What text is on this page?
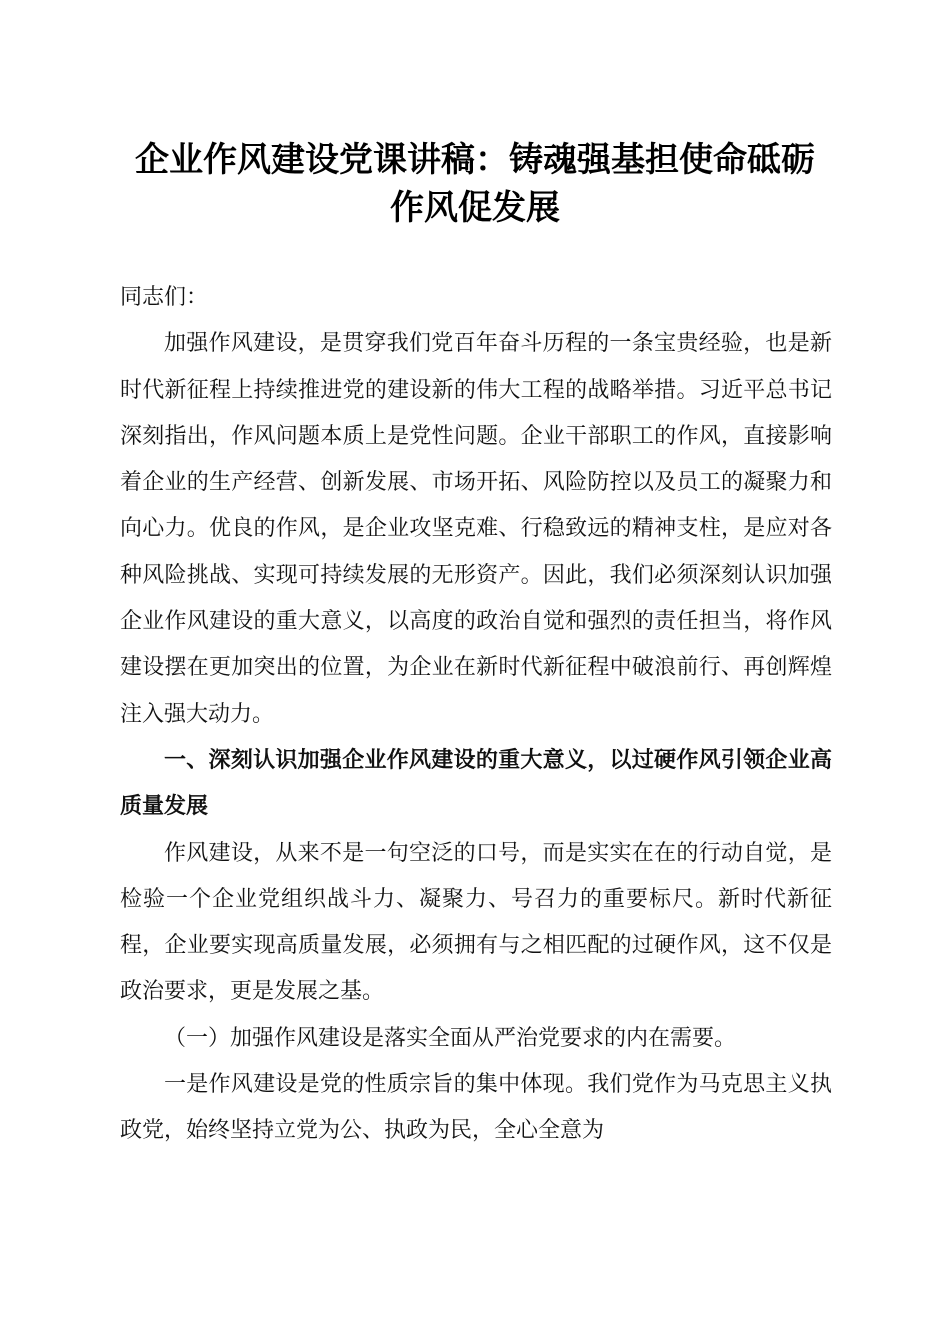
企业作风建设党课讲稿：铸魂强基担使命砥砺
作风促发展

同志们：

加强作风建设，是贯穿我们党百年奋斗历程的一条宝贵经验，也是新时代新征程上持续推进党的建设新的伟大工程的战略举措。习近平总书记深刻指出，作风问题本质上是党性问题。企业干部职工的作风，直接影响着企业的生产经营、创新发展、市场开拓、风险防控以及员工的凝聚力和向心力。优良的作风，是企业攻坚克难、行稳致远的精神支柱，是应对各种风险挑战、实现可持续发展的无形资产。因此，我们必须深刻认识加强企业作风建设的重大意义，以高度的政治自觉和强烈的责任担当，将作风建设摆在更加突出的位置，为企业在新时代新征程中破浪前行、再创辉煌注入强大动力。

一、深刻认识加强企业作风建设的重大意义，以过硬作风引领企业高质量发展

作风建设，从来不是一句空泛的口号，而是实实在在的行动自觉，是检验一个企业党组织战斗力、凝聚力、号召力的重要标尺。新时代新征程，企业要实现高质量发展，必须拥有与之相匹配的过硬作风，这不仅是政治要求，更是发展之基。

（一）加强作风建设是落实全面从严治党要求的内在需要。

一是作风建设是党的性质宗旨的集中体现。我们党作为马克思主义执政党，始终坚持立党为公、执政为民，全心全意为
